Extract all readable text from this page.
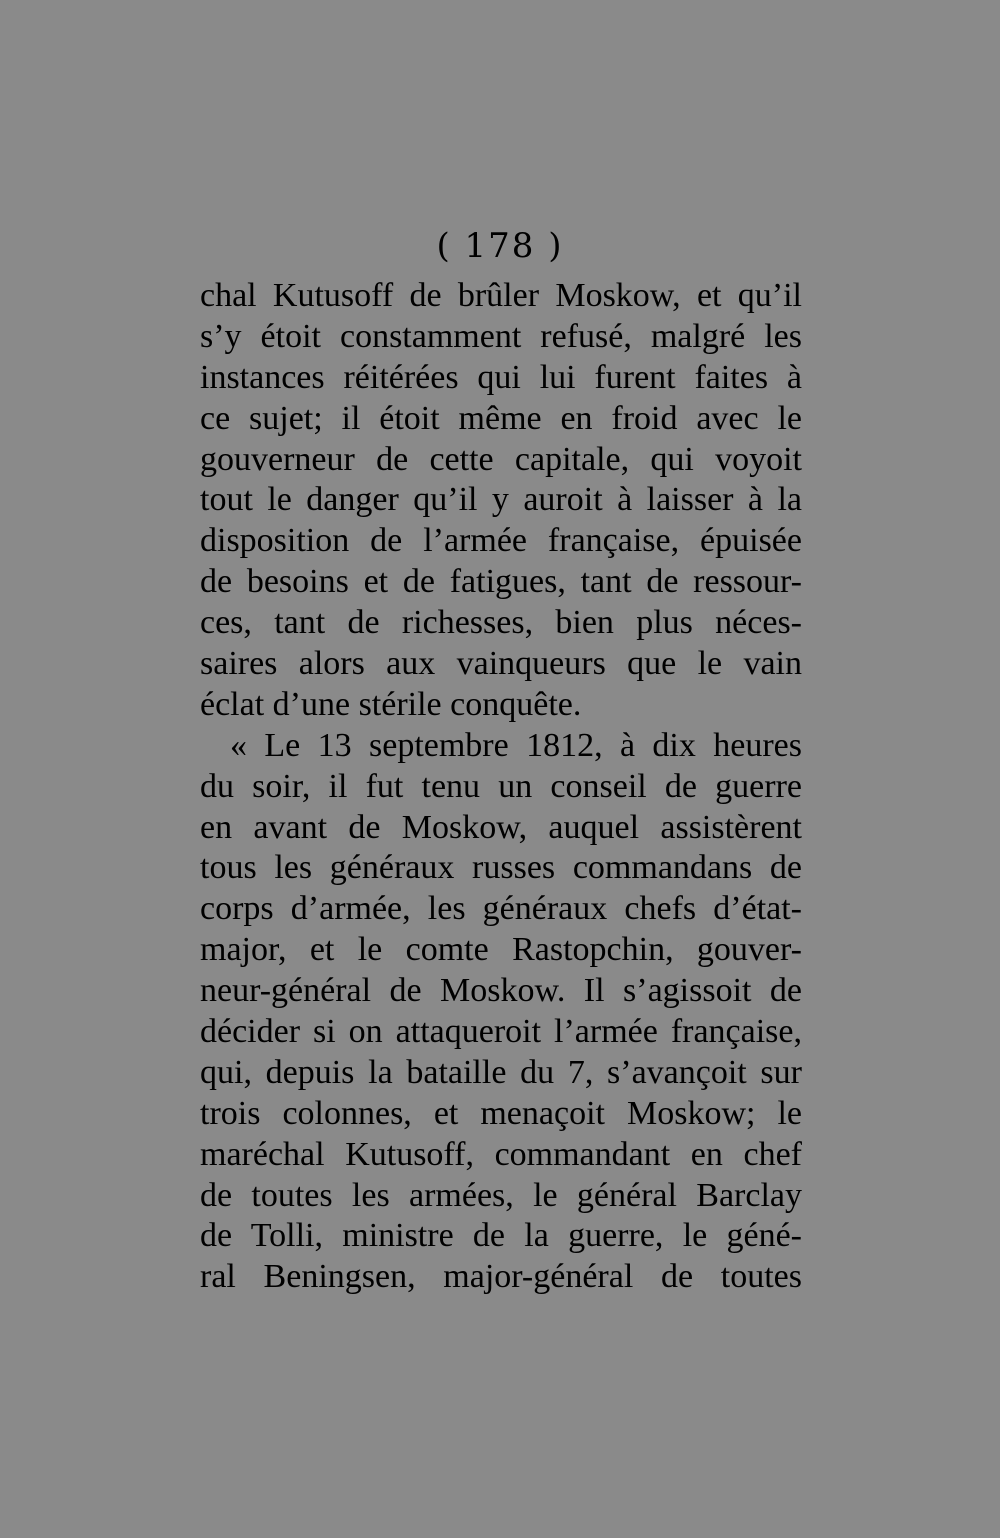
( 178 )
chal Kutusoff de brûler Moskow, et qu’il
s’y étoit constamment refusé, malgré les
instances réitérées qui lui furent faites à
ce sujet; il étoit même en froid avec le
gouverneur de cette capitale, qui voyoit
tout le danger qu’il y auroit à laisser à la
disposition de l’armée française, épuisée
de besoins et de fatigues, tant de ressour-
ces, tant de richesses, bien plus néces-
saires alors aux vainqueurs que le vain
éclat d’une stérile conquête.
« Le 13 septembre 1812, à dix heures
du soir, il fut tenu un conseil de guerre
en avant de Moskow, auquel assistèrent
tous les généraux russes commandans de
corps d’armée, les généraux chefs d’état-
major, et le comte Rastopchin, gouver-
neur-général de Moskow. Il s’agissoit de
décider si on attaqueroit l’armée française,
qui, depuis la bataille du 7, s’avançoit sur
trois colonnes, et menaçoit Moskow; le
maréchal Kutusoff, commandant en chef
de toutes les armées, le général Barclay
de Tolli, ministre de la guerre, le géné-
ral Beningsen, major-général de toutes
